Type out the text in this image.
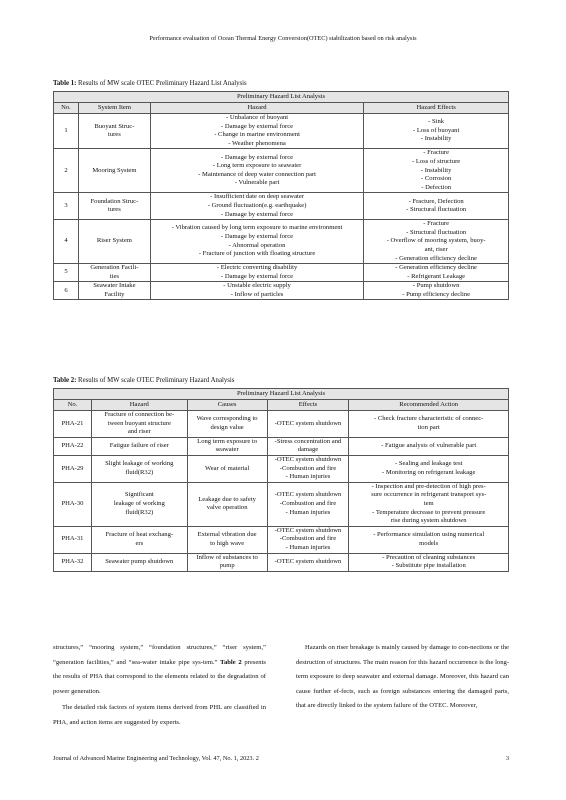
Performance evaluation of Ocean Thermal Energy Conversion(OTEC) stabilization based on risk analysis
Table 1: Results of MW scale OTEC Preliminary Hazard List Analysis
Preliminary Hazard List Analysis			
No.	System Item	Hazard	Hazard Effects
1	Buoyant Struc-
tures	- Unbalance of buoyant
- Damage by external force
- Change in marine environment
- Weather phenomena	- Sink
- Loss of buoyant
- Instability
2	Mooring System	- Damage by external force
- Long term exposure to seawater
- Maintenance of deep water connection part
- Vulnerable part	- Fracture
- Loss of structure
- Instability
- Corrosion
- Defection
3	Foundation Struc-
tures	- Insufficient date on deep seawater
- Ground fluctuation(e.g. earthquake)
- Damage by external force	- Fracture, Defection
- Structural fluctuation
4	Riser System	- Vibration caused by long term exposure to marine environment
- Damage by external force
- Abnormal operation
- Fracture of junction with floating structure	- Fracture
- Structural fluctuation
- Overflow of mooring system, buoy-
ant, riser
- Generation efficiency decline
5	Generation Facili-
ties	- Electric converting disability
- Damage by external force	- Generation efficiency decline
- Refrigerant Leakage
6	Seawater Intake
Facility	- Unstable electric supply
- Inflow of particles	- Pump shutdown
- Pump efficiency decline
Table 2: Results of MW scale OTEC Preliminary Hazard Analysis
Preliminary Hazard List Analysis				
No.	Hazard	Causes	Effects	Recommended Action
PHA-21	Fracture of connection be-
tween buoyant structure
and riser	Wave corresponding to
design value	-OTEC system shutdown	- Check fracture characteristic of connec-
tion part
PHA-22	Fatigue failure of riser	Long term exposure to
seawater	-Stress concentration and
damage	- Fatigue analysis of vulnerable part
PHA-29	Slight leakage of working
fluid(R32)	Wear of material	-OTEC system shutdown
-Combustion and fire
- Human injuries	- Sealing and leakage test
- Monitoring on refrigerant leakage
PHA-30	Significant
leakage of working
fluid(R32)	Leakage due to safety
valve operation	-OTEC system shutdown
-Combustion and fire
- Human injuries	- Inspection and pre-detection of high pres-
sure occurrence in refrigerant transport sys-
tem
- Temperature decrease to prevent pressure
rise during system shutdown
PHA-31	Fracture of heat exchang-
ers	External vibration due
to high wave	-OTEC system shutdown
-Combustion and fire
- Human injuries	- Performance simulation using numerical
models
PHA-32	Seawater pump shutdown	Inflow of substances to
pump	-OTEC system shutdown	- Precaution of cleaning substances
- Substitute pipe installation

structures,” “mooring system,” “foundation structures,” “riser system,” “generation facilities,” and “sea-water intake pipe sys-tem.” Table 2 presents the results of PHA that correspond to the elements related to the degradation of power generation.

The detailed risk factors of system items derived from PHL are classified in PHA, and action items are suggested by experts.

Hazards on riser breakage is mainly caused by damage to con-nections or the destruction of structures. The main reason for this hazard occurrence is the long-term exposure to deep seawater and external damage. Moreover, this hazard can cause further ef-fects, such as foreign substances entering the damaged parts, that are directly linked to the system failure of the OTEC. Moreover,

Journal of Advanced Marine Engineering and Technology, Vol. 47, No. 1, 2023. 2	3
